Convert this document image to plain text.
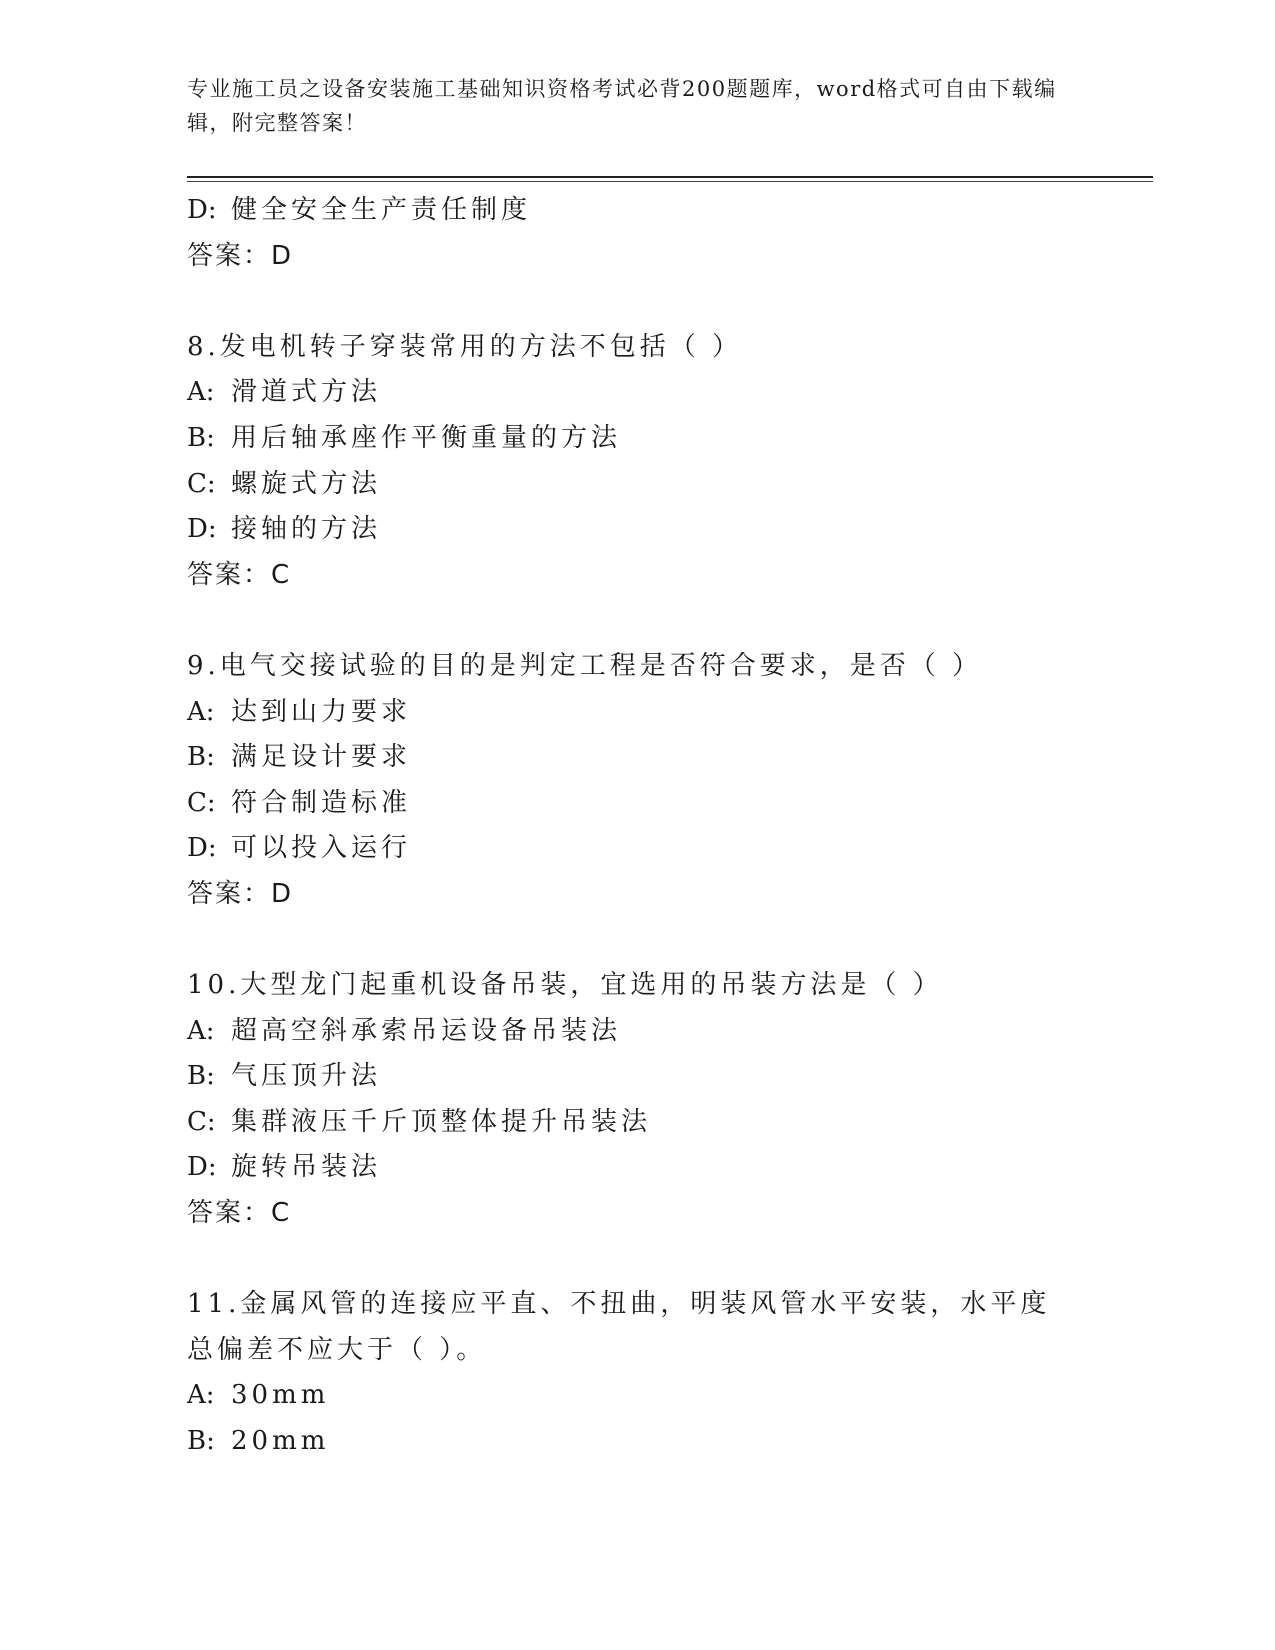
专业施工员之设备安装施工基础知识资格考试必背200题题库，word格式可自由下载编辑，附完整答案！
D: 健全安全生产责任制度
答案：D
8.发电机转子穿装常用的方法不包括（ ）
A: 滑道式方法
B: 用后轴承座作平衡重量的方法
C: 螺旋式方法
D: 接轴的方法
答案：C
9.电气交接试验的目的是判定工程是否符合要求，是否（ ）
A: 达到山力要求
B: 满足设计要求
C: 符合制造标准
D: 可以投入运行
答案：D
10.大型龙门起重机设备吊装，宜选用的吊装方法是（ ）
A: 超高空斜承索吊运设备吊装法
B: 气压顶升法
C: 集群液压千斤顶整体提升吊装法
D: 旋转吊装法
答案：C
11.金属风管的连接应平直、不扭曲，明装风管水平安装，水平度总偏差不应大于（ ）。
A: 30mm
B: 20mm
